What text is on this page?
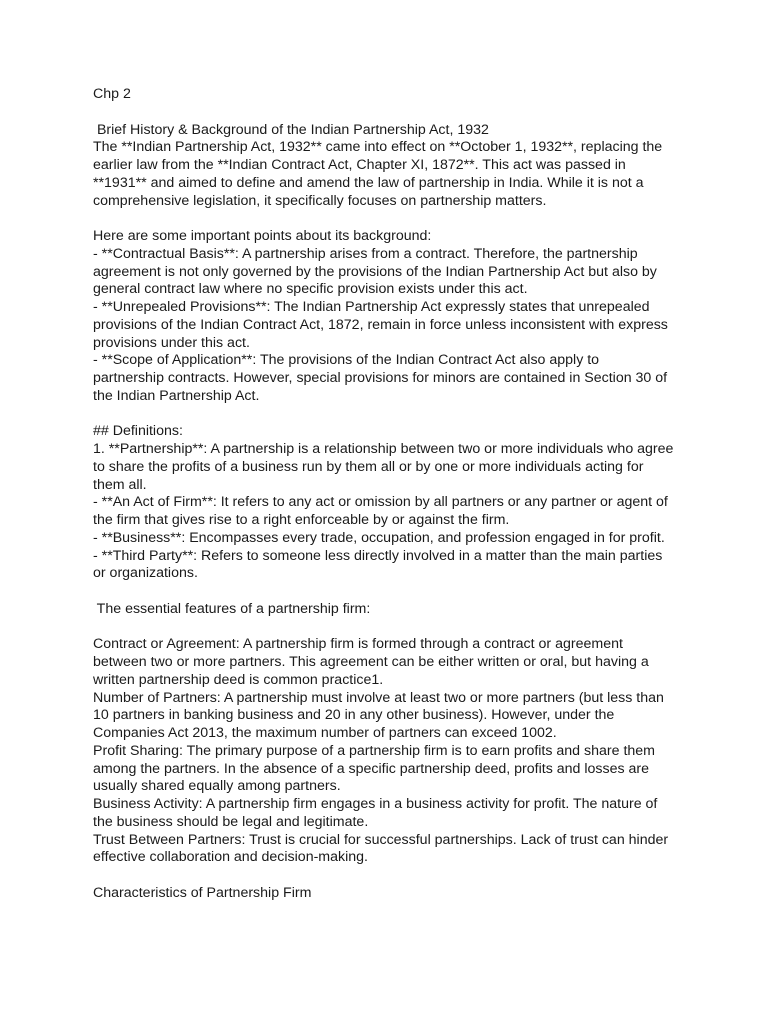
Chp 2
Brief History & Background of the Indian Partnership Act, 1932
The **Indian Partnership Act, 1932** came into effect on **October 1, 1932**, replacing the
earlier law from the **Indian Contract Act, Chapter XI, 1872**. This act was passed in
**1931** and aimed to define and amend the law of partnership in India. While it is not a
comprehensive legislation, it specifically focuses on partnership matters.
Here are some important points about its background:
- **Contractual Basis**: A partnership arises from a contract. Therefore, the partnership
agreement is not only governed by the provisions of the Indian Partnership Act but also by
general contract law where no specific provision exists under this act.
- **Unrepealed Provisions**: The Indian Partnership Act expressly states that unrepealed
provisions of the Indian Contract Act, 1872, remain in force unless inconsistent with express
provisions under this act.
- **Scope of Application**: The provisions of the Indian Contract Act also apply to
partnership contracts. However, special provisions for minors are contained in Section 30 of
the Indian Partnership Act.
## Definitions:
1. **Partnership**: A partnership is a relationship between two or more individuals who agree
to share the profits of a business run by them all or by one or more individuals acting for
them all.
- **An Act of Firm**: It refers to any act or omission by all partners or any partner or agent of
the firm that gives rise to a right enforceable by or against the firm.
- **Business**: Encompasses every trade, occupation, and profession engaged in for profit.
- **Third Party**: Refers to someone less directly involved in a matter than the main parties
or organizations.
The essential features of a partnership firm:
Contract or Agreement: A partnership firm is formed through a contract or agreement
between two or more partners. This agreement can be either written or oral, but having a
written partnership deed is common practice1.
Number of Partners: A partnership must involve at least two or more partners (but less than
10 partners in banking business and 20 in any other business). However, under the
Companies Act 2013, the maximum number of partners can exceed 1002.
Profit Sharing: The primary purpose of a partnership firm is to earn profits and share them
among the partners. In the absence of a specific partnership deed, profits and losses are
usually shared equally among partners.
Business Activity: A partnership firm engages in a business activity for profit. The nature of
the business should be legal and legitimate.
Trust Between Partners: Trust is crucial for successful partnerships. Lack of trust can hinder
effective collaboration and decision-making.
Characteristics of Partnership Firm
